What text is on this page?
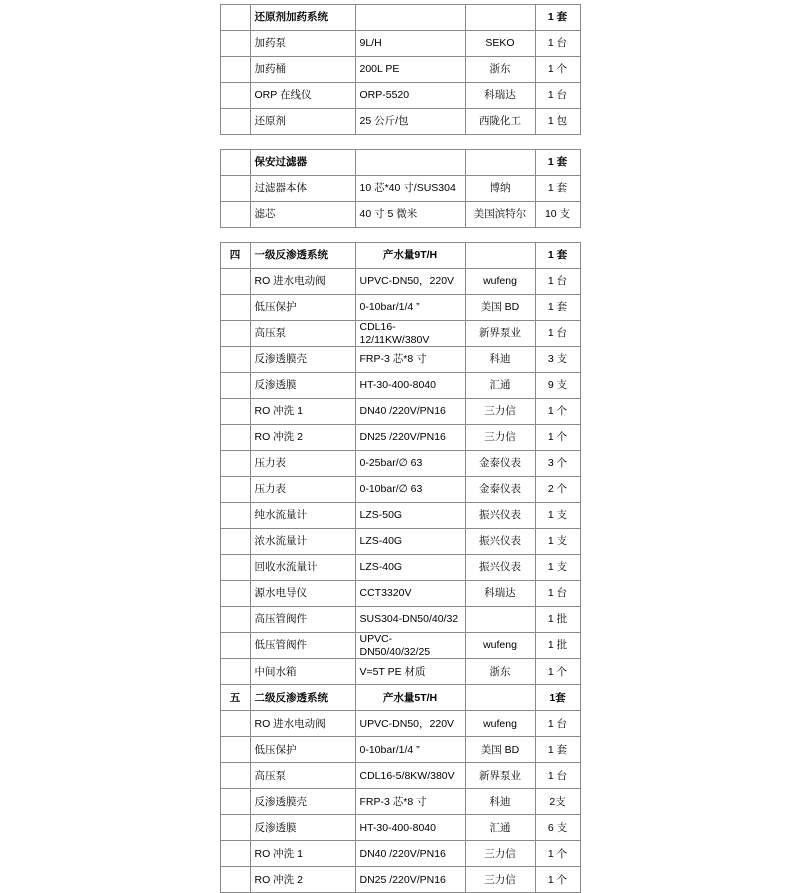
	还原剂加药系统			1 套
	加药泵	9L/H	SEKO	1 台
	加药桶	200L PE	浙东	1 个
	ORP 在线仪	ORP-5520	科瑞达	1 台
	还原剂	25 公斤/包	西陇化工	1 包
	保安过滤器			1 套
	过滤器本体	10 芯*40 寸/SUS304	博纳	1 套
	滤芯	40 寸 5 微米	美国滨特尔	10 支
四	一级反渗透系统	产水量9T/H		1 套
	RO 进水电动阀	UPVC-DN50，220V	wufeng	1 台
	低压保护	0-10bar/1/4 ”	美国 BD	1 套
	高压泵	CDL16-12/11KW/380V	新界泵业	1 台
	反渗透膜壳	FRP-3 芯*8 寸	科迪	3 支
	反渗透膜	HT-30-400-8040	汇通	9 支
	RO 冲洗 1	DN40 /220V/PN16	三力信	1 个
	RO 冲洗 2	DN25 /220V/PN16	三力信	1 个
	压力表	0-25bar/∅ 63	金泰仪表	3 个
	压力表	0-10bar/∅ 63	金泰仪表	2 个
	纯水流量计	LZS-50G	振兴仪表	1 支
	浓水流量计	LZS-40G	振兴仪表	1 支
	回收水流量计	LZS-40G	振兴仪表	1 支
	源水电导仪	CCT3320V	科瑞达	1 台
	高压管阀件	SUS304-DN50/40/32		1 批
	低压管阀件	UPVC-DN50/40/32/25	wufeng	1 批
	中间水箱	V=5T PE 材质	浙东	1 个
五	二级反渗透系统	产水量5T/H		1套
	RO 进水电动阀	UPVC-DN50，220V	wufeng	1 台
	低压保护	0-10bar/1/4 ”	美国 BD	1 套
	高压泵	CDL16-5/8KW/380V	新界泵业	1 台
	反渗透膜壳	FRP-3 芯*8 寸	科迪	2支
	反渗透膜	HT-30-400-8040	汇通	6 支
	RO 冲洗 1	DN40 /220V/PN16	三力信	1 个
	RO 冲洗 2	DN25 /220V/PN16	三力信	1 个
